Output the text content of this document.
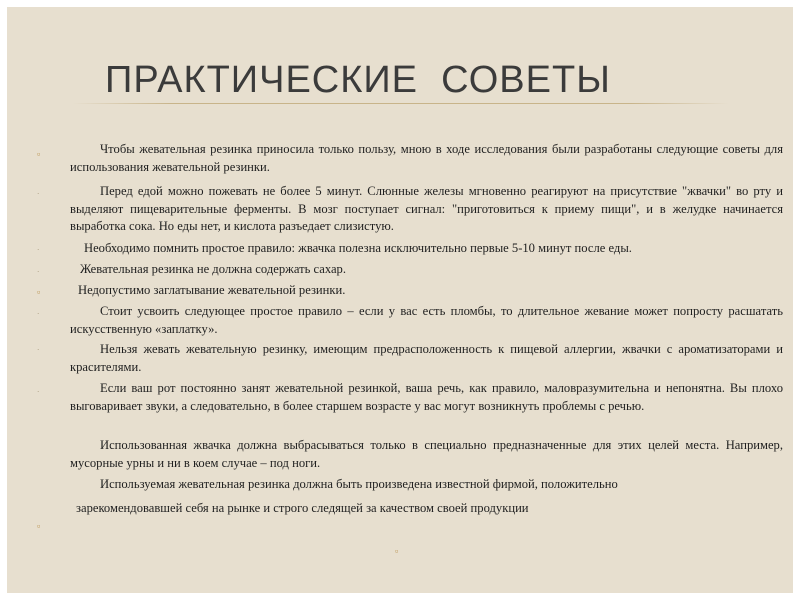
ПРАКТИЧЕСКИЕ  СОВЕТЫ
▫
·
·
·
▫
·
·
·
▫
▫

Чтобы жевательная резинка приносила только пользу, мною в ходе исследования были разработаны следующие советы для использования жевательной резинки.

Перед едой можно пожевать не более 5 минут. Слюнные железы мгновенно реагируют на присутствие "жвачки" во рту и выделяют пищеварительные ферменты. В мозг поступает сигнал: "приготовиться к приему пищи", и в желудке начинается выработка сока. Но еды нет, и кислота разъедает слизистую.

Необходимо помнить простое правило: жвачка полезна исключительно первые 5-10 минут после еды.

Жевательная резинка не должна содержать сахар.

Недопустимо заглатывание жевательной резинки.

Стоит усвоить следующее простое правило – если у вас есть пломбы, то длительное жевание может попросту расшатать искусственную «заплатку».

Нельзя жевать жевательную резинку, имеющим предрасположенность к пищевой аллергии, жвачки с ароматизаторами и красителями.

Если ваш рот постоянно занят жевательной резинкой, ваша речь, как правило, маловразумительна и непонятна. Вы плохо выговаривает звуки, а следовательно, в более старшем возрасте у вас могут возникнуть проблемы с речью.

Использованная жвачка должна выбрасываться только в специально предназначенные для этих целей места. Например, мусорные урны и ни в коем случае – под ноги.

Используемая жевательная резинка должна быть произведена известной фирмой, положительно

зарекомендовавшей себя на рынке и строго следящей за качеством своей продукции
